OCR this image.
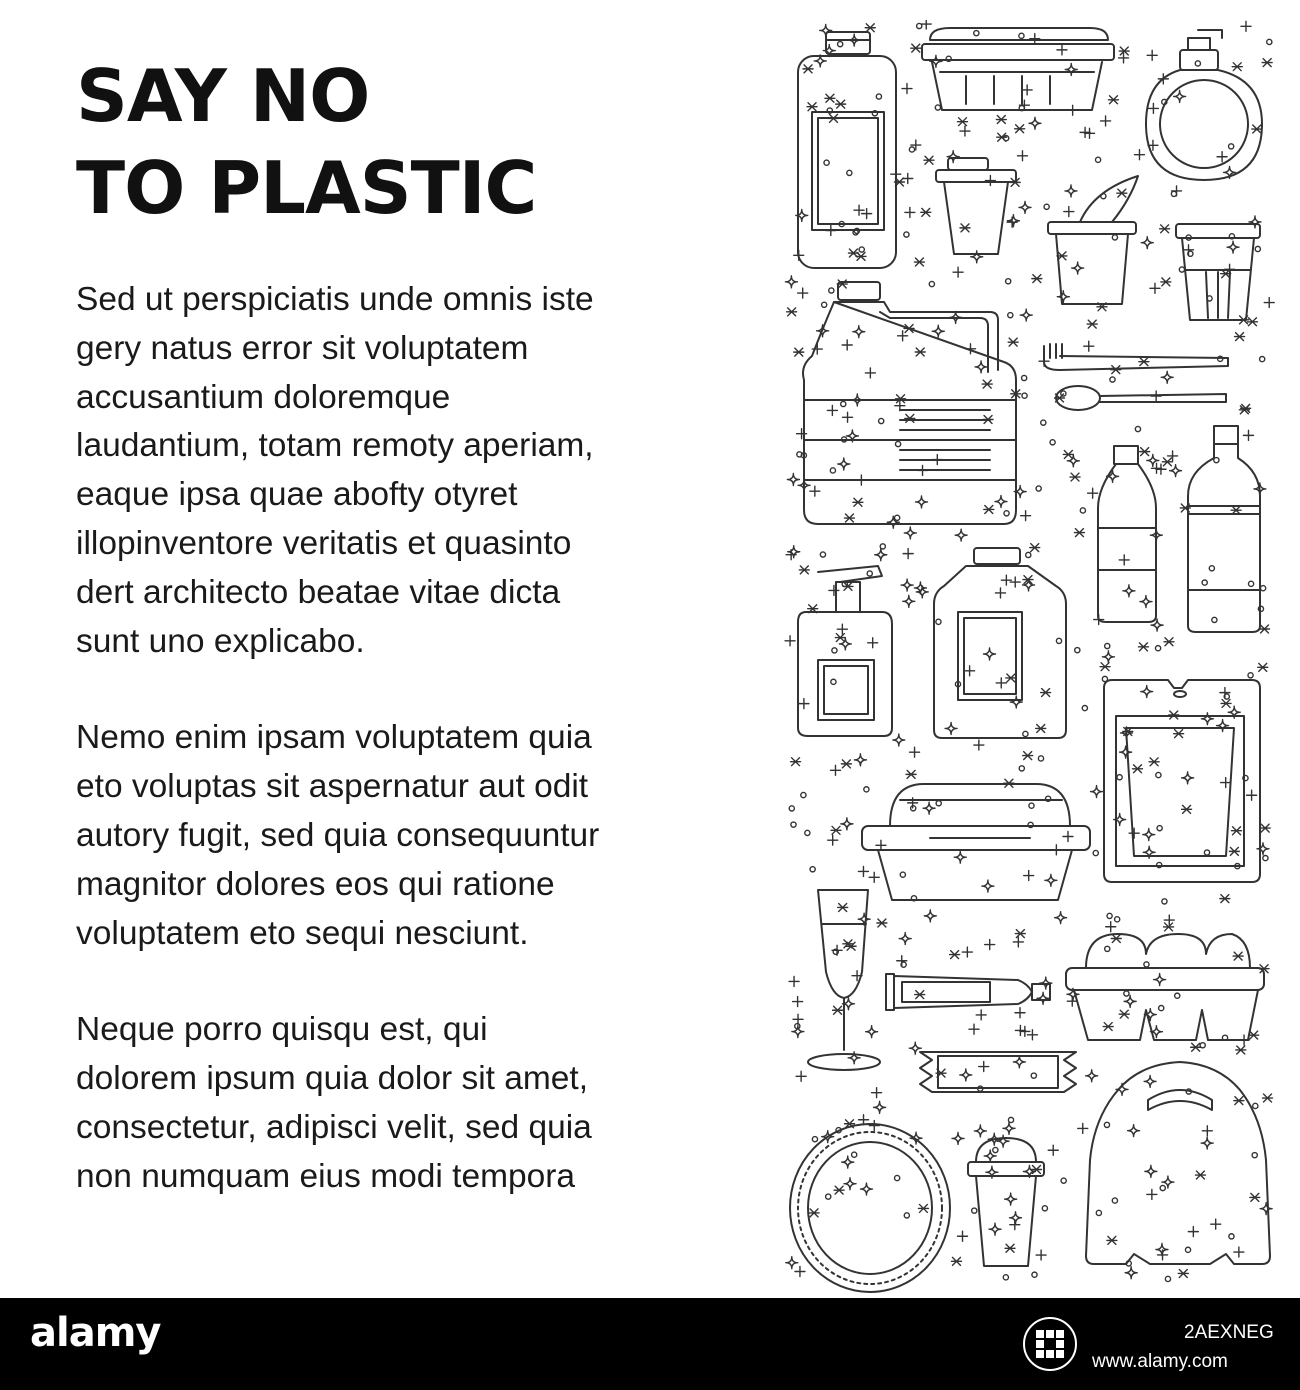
SAY NO
TO PLASTIC

Sed ut perspiciatis unde omnis iste
gery natus error sit voluptatem
accusantium doloremque
laudantium, totam remoty aperiam,
eaque ipsa quae abofty otyret
illopinventore veritatis et quasinto
dert architecto beatae vitae dicta
sunt uno explicabo.

Nemo enim ipsam voluptatem quia
eto voluptas sit aspernatur aut odit
autory fugit, sed quia consequuntur
magnitor dolores eos qui ratione
voluptatem eto sequi nesciunt.

Neque porro quisqu est, qui
dolorem ipsum quia dolor sit amet,
consectetur, adipisci velit, sed quia
non numquam eius modi tempora

alamy	2AEXNEG
www.alamy.com
